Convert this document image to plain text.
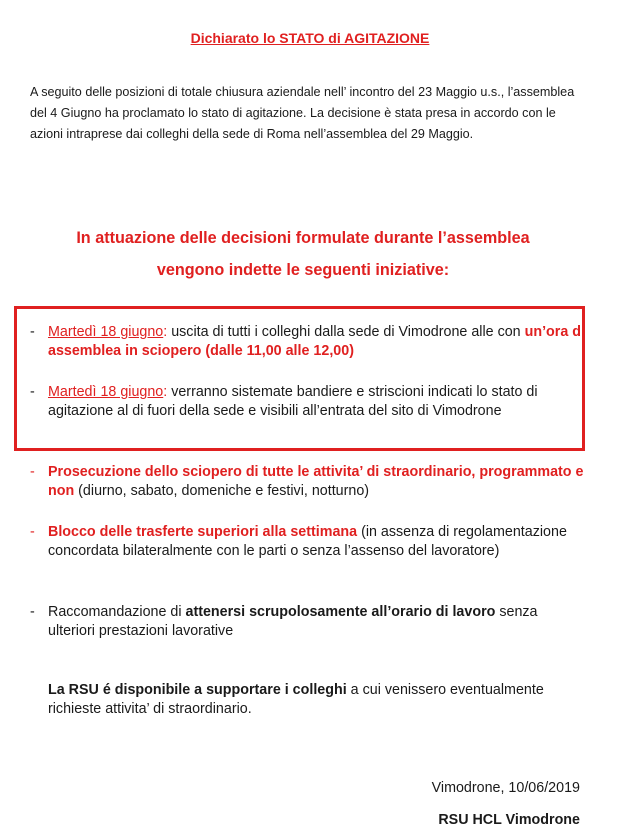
Dichiarato lo STATO di AGITAZIONE
A seguito delle posizioni di totale chiusura aziendale nell’ incontro del 23 Maggio u.s., l’assemblea del 4 Giugno ha proclamato lo stato di agitazione. La decisione è stata presa in accordo con le azioni intraprese dai colleghi della sede di Roma nell’assemblea del 29 Maggio.
In attuazione delle decisioni formulate durante l’assemblea
vengono indette le seguenti iniziative:
- Martedì 18 giugno: uscita di tutti i colleghi dalla sede di Vimodrone alle con un’ora di assemblea in sciopero (dalle 11,00 alle 12,00)
- Martedì 18 giugno: verranno sistemate bandiere e striscioni indicati lo stato di agitazione al di fuori della sede e visibili all’entrata del sito di Vimodrone
- Prosecuzione dello sciopero di tutte le attivita’ di straordinario, programmato e non (diurno, sabato, domeniche e festivi, notturno)
- Blocco delle trasferte superiori alla settimana (in assenza di regolamentazione concordata bilateralmente con le parti o senza l’assenso del lavoratore)
- Raccomandazione di attenersi scrupolosamente all’orario di lavoro senza ulteriori prestazioni lavorative
La RSU é disponibile a supportare i colleghi a cui venissero eventualmente richieste attivita’ di straordinario.
Vimodrone, 10/06/2019
RSU HCL Vimodrone
